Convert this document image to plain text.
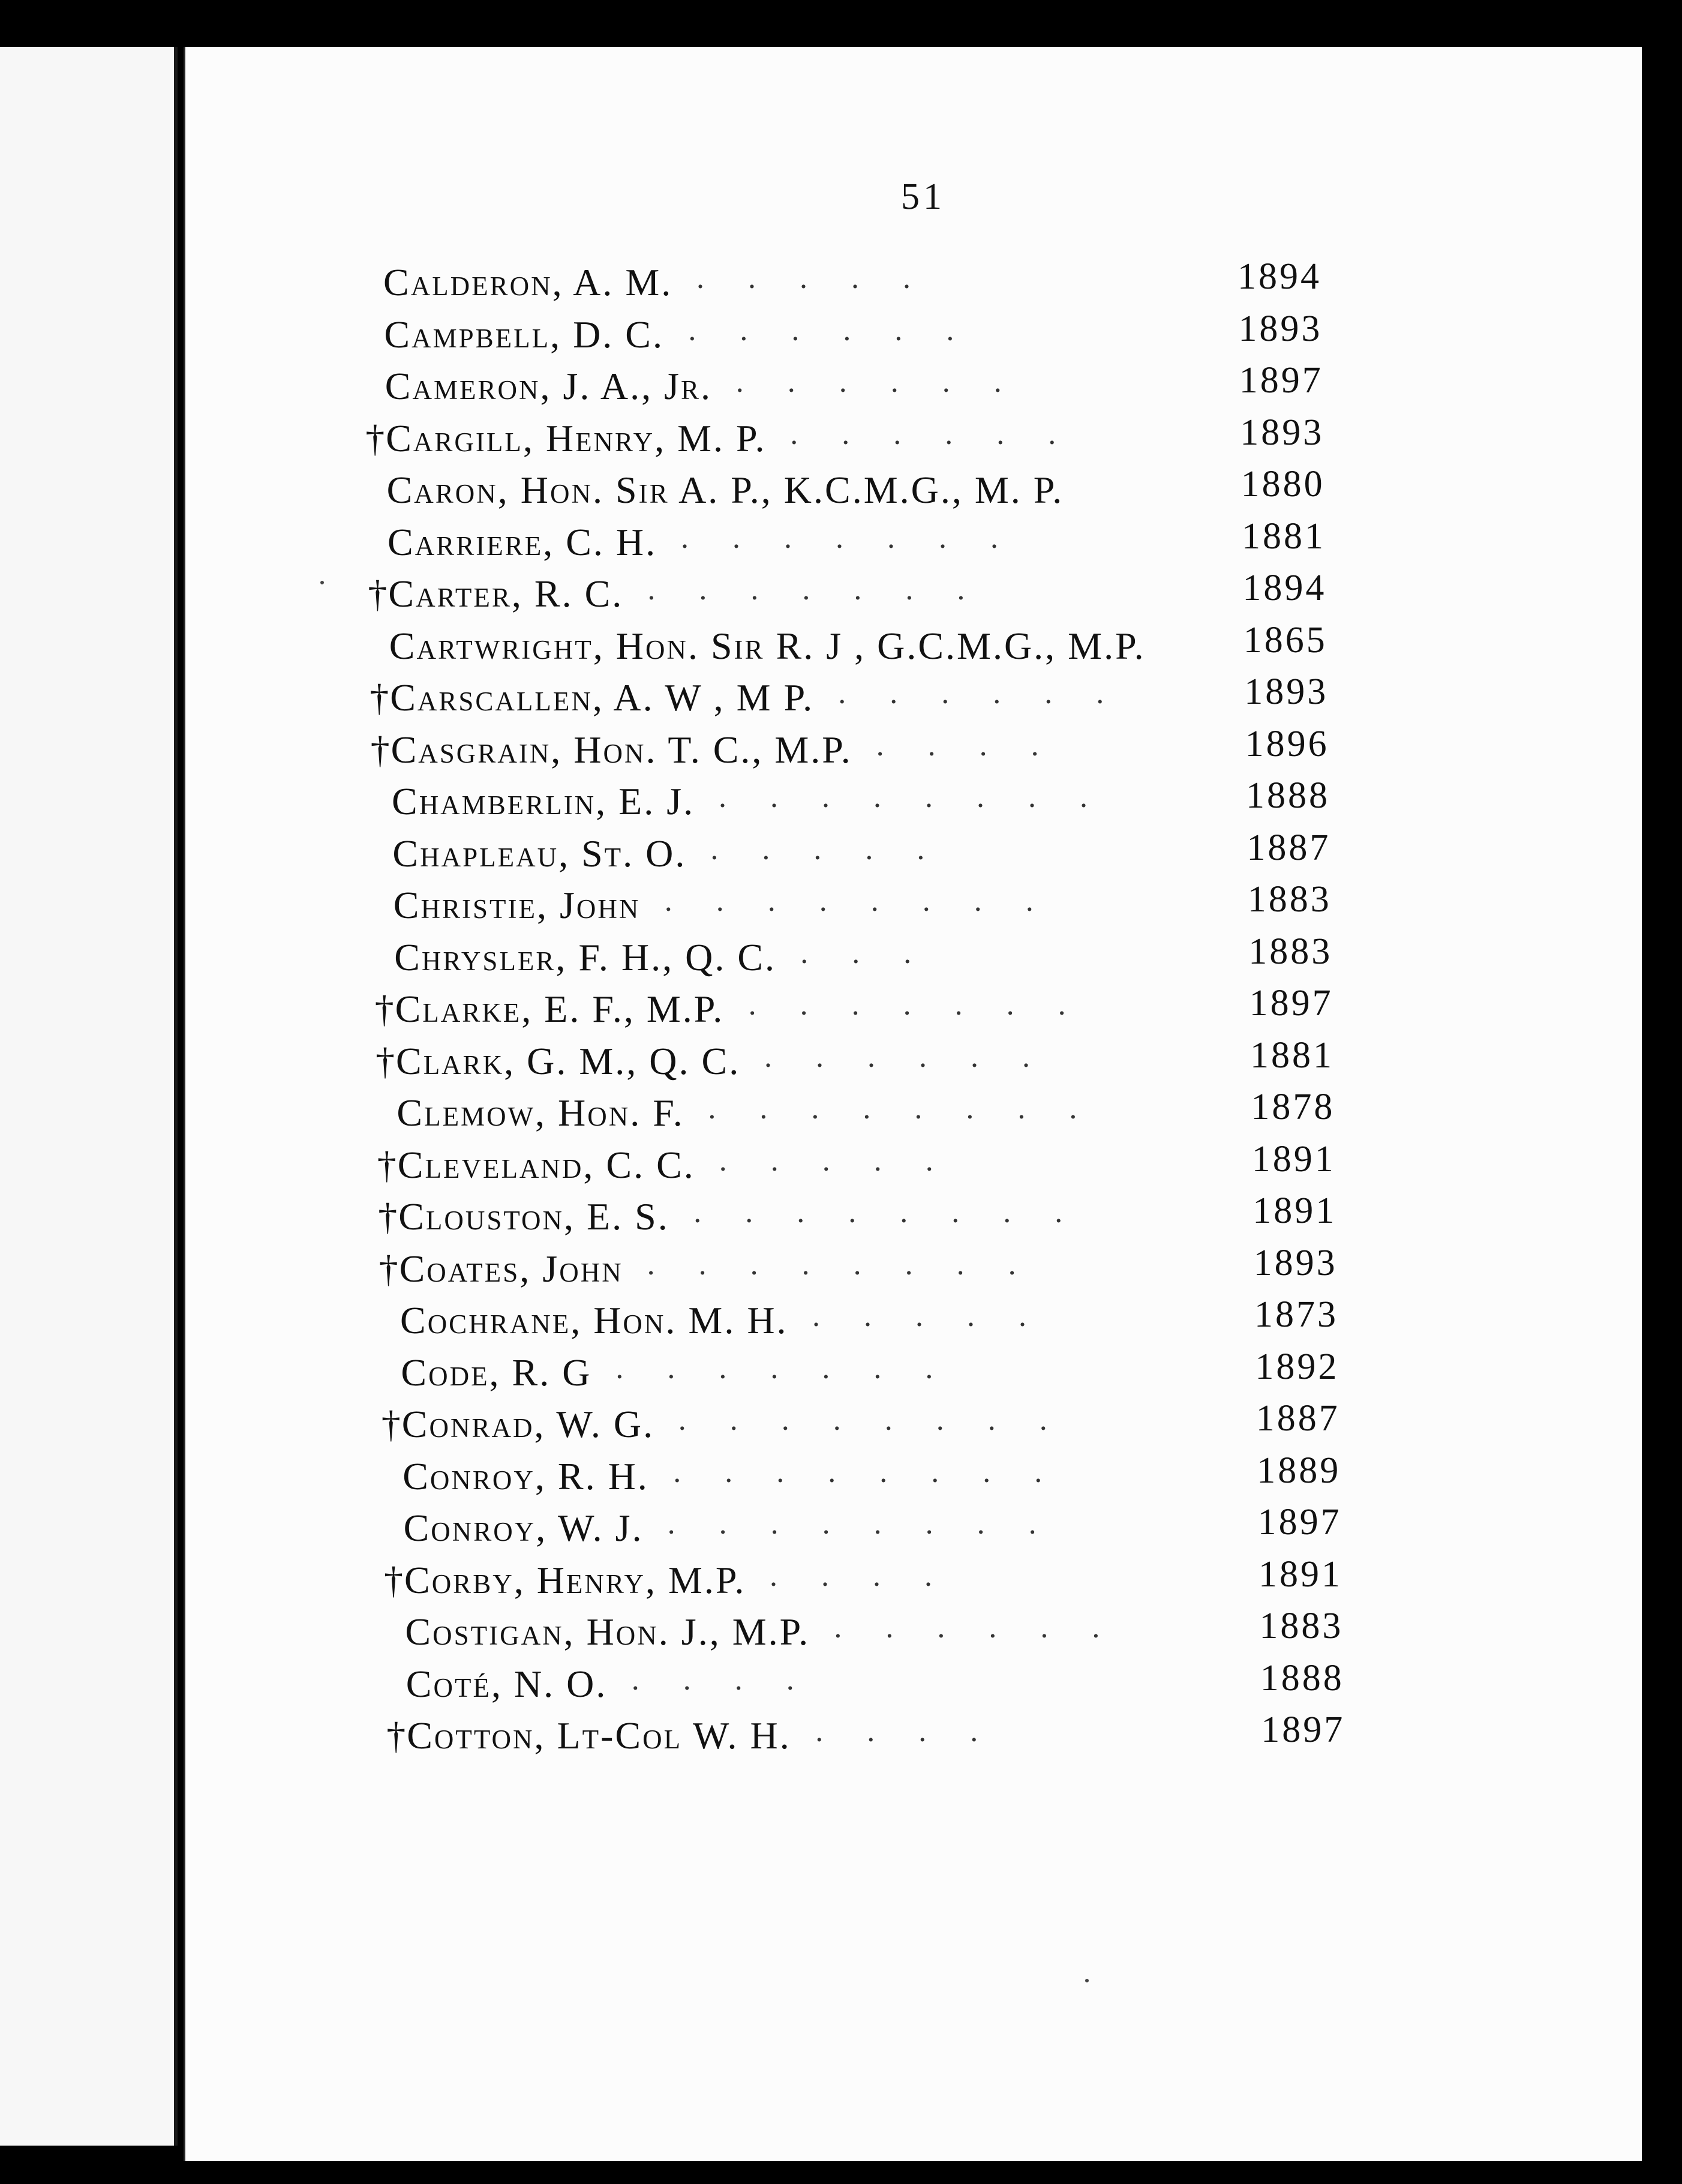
51
Calderon, A. M. . . . . .	1894
Campbell, D. C. . . . . . .	1893
Cameron, J. A., Jr. . . . . . .	1897
† Cargill, Henry, M. P. . . . . . .	1893
Caron, Hon. Sir A. P., K.C.M.G., M. P.	1880
Carriere, C. H. . . . . . . .	1881
† Carter, R. C. . . . . . . .	1894
Cartwright, Hon. Sir R. J , G.C.M.G., M.P.	1865
† Carscallen, A. W , M P. . . . . . .	1893
† Casgrain, Hon. T. C., M.P. . . . .	1896
Chamberlin, E. J. . . . . . . . .	1888
Chapleau, St. O. . . . . .	1887
Christie, John . . . . . . . .	1883
Chrysler, F. H., Q. C. . . .	1883
† Clarke, E. F., M.P. . . . . . . .	1897
† Clark, G. M., Q. C. . . . . . .	1881
Clemow, Hon. F. . . . . . . . .	1878
† Cleveland, C. C. . . . . .	1891
† Clouston, E. S. . . . . . . . .	1891
† Coates, John . . . . . . . .	1893
Cochrane, Hon. M. H. . . . . .	1873
Code, R. G . . . . . . .	1892
† Conrad, W. G. . . . . . . . .	1887
Conroy, R. H. . . . . . . . .	1889
Conroy, W. J. . . . . . . . .	1897
† Corby, Henry, M.P. . . . .	1891
Costigan, Hon. J., M.P. . . . . . .	1883
Coté, N. O. . . . .	1888
† Cotton, Lt-Col W. H. . . . .	1897
